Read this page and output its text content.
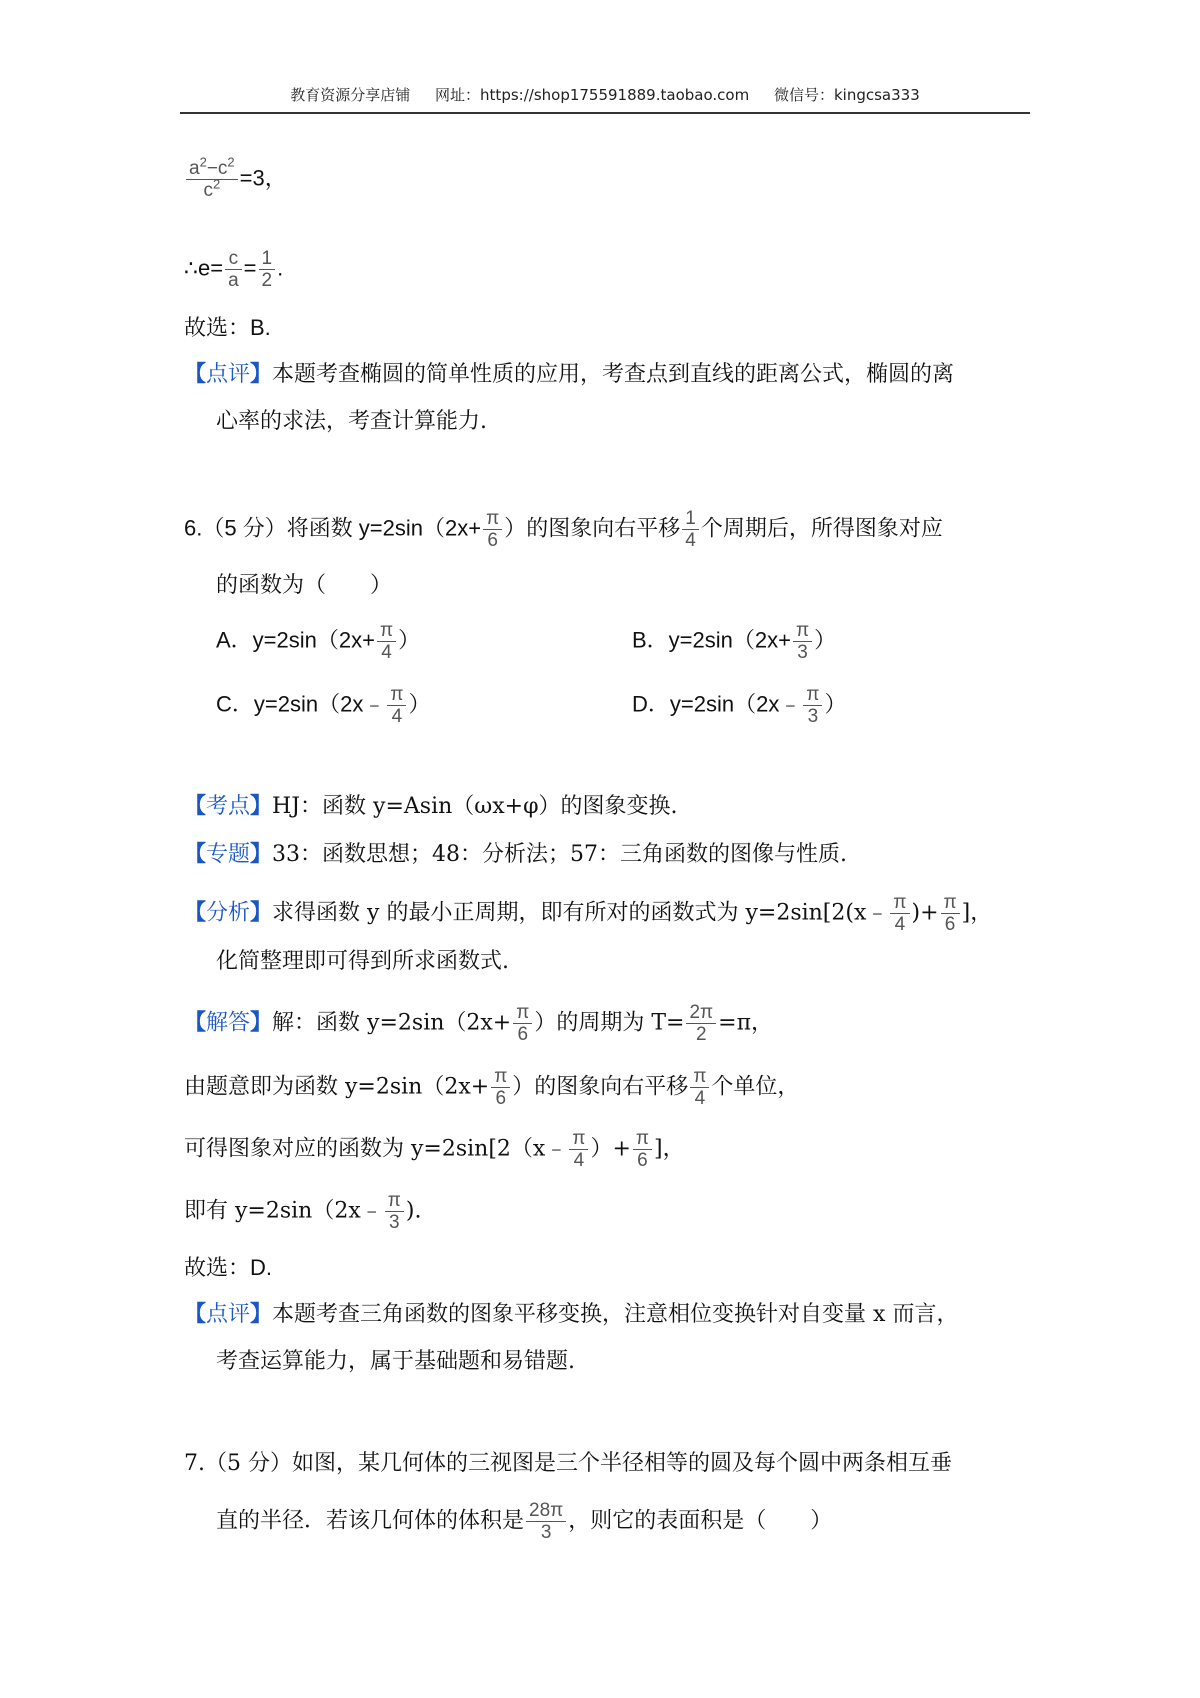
教育资源分享店铺 网址：https://shop175591889.taobao.com 微信号：kingcsa333
$\frac{a^2-c^2}{c^2} =3$，
∴e= $\frac{c}{a} = \frac{1}{2}$ .
故选：B.
【点评】本题考查椭圆的简单性质的应用，考查点到直线的距离公式，椭圆的离
心率的求法，考查计算能力.
6.（5 分）将函数 $y=2\sin(2x+ \frac{\pi}{6}$ ）的图象向右平移 $\frac{1}{4}$ 个周期后，所得图象对应
的函数为（　　）
A．$y=2\sin(2x+ \frac{\pi}{4}$ ）	B．$y=2\sin(2x+ \frac{\pi}{3}$ ）
C．y=2sin（2x﹣ $\frac{\pi}{4}$ ）	D．y=2sin（2x﹣ $\frac{\pi}{3}$ ）
【考点】HJ：函数 y=Asin（ωx+φ）的图象变换.
【专题】33：函数思想；48：分析法；57：三角函数的图像与性质.
【分析】求得函数 y 的最小正周期，即有所对的函数式为 y=2sin[2(x﹣ $\frac{\pi}{4}$ )+ $\frac{\pi}{6}$ ]，
化简整理即可得到所求函数式.
【解答】解：函数 $y=2\sin(2x+ \frac{\pi}{6}$ ）的周期为 $T= \frac{2\pi}{2} =\pi$，
由题意即为函数 $y=2\sin(2x+ \frac{\pi}{6}$ ）的图象向右平移 $\frac{\pi}{4}$ 个单位，
可得图象对应的函数为 y=2sin[2（x﹣ $\frac{\pi}{4}$ ）+ $\frac{\pi}{6}$ ]，
即有 y=2sin（2x﹣ $\frac{\pi}{3}$ ).
故选：D.
【点评】本题考查三角函数的图象平移变换，注意相位变换针对自变量 x 而言，
考查运算能力，属于基础题和易错题.
7.（5 分）如图，某几何体的三视图是三个半径相等的圆及每个圆中两条相互垂
直的半径．若该几何体的体积是 $\frac{28\pi}{3}$ ，则它的表面积是（　　）
